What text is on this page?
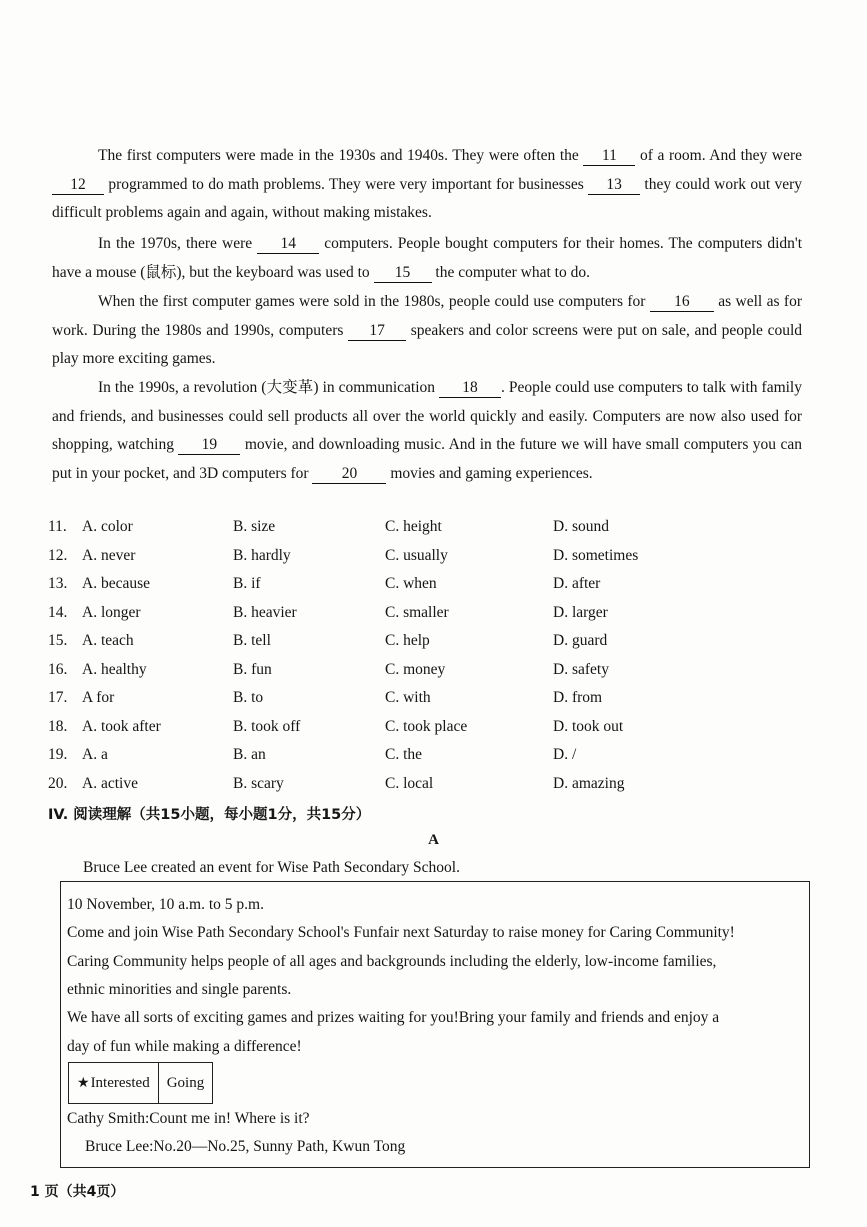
The first computers were made in the 1930s and 1940s. They were often the 11 of a room. And they were 12 programmed to do math problems. They were very important for businesses 13 they could work out very difficult problems again and again, without making mistakes.
In the 1970s, there were 14 computers. People bought computers for their homes. The computers didn't have a mouse (鼠标), but the keyboard was used to 15 the computer what to do.
When the first computer games were sold in the 1980s, people could use computers for 16 as well as for work. During the 1980s and 1990s, computers 17 speakers and color screens were put on sale, and people could play more exciting games.
In the 1990s, a revolution (大变革) in communication 18 . People could use computers to talk with family and friends, and businesses could sell products all over the world quickly and easily. Computers are now also used for shopping, watching 19 movie, and downloading music. And in the future we will have small computers you can put in your pocket, and 3D computers for 20 movies and gaming experiences.
11. A. color	B. size	C. height	D. sound
12. A. never	B. hardly	C. usually	D. sometimes
13. A. because	B. if	C. when	D. after
14. A. longer	B. heavier	C. smaller	D. larger
15. A. teach	B. tell	C. help	D. guard
16. A. healthy	B. fun	C. money	D. safety
17. A for	B. to	C. with	D. from
18. A. took after	B. took off	C. took place	D. took out
19. A. a	B. an	C. the	D. /
20. A. active	B. scary	C. local	D. amazing
IV. 阅读理解（共15小题，每小题1分，共15分）
A
Bruce Lee created an event for Wise Path Secondary School.
10 November, 10 a.m. to 5 p.m.
Come and join Wise Path Secondary School's Funfair next Saturday to raise money for Caring Community!
Caring Community helps people of all ages and backgrounds including the elderly, low-income families,
ethnic minorities and single parents.
We have all sorts of exciting games and prizes waiting for you!Bring your family and friends and enjoy a
day of fun while making a difference!
★ Interested Going
Cathy Smith:Count me in! Where is it?
Bruce Lee:No.20—No.25, Sunny Path, Kwun Tong
1 页（共4页）
